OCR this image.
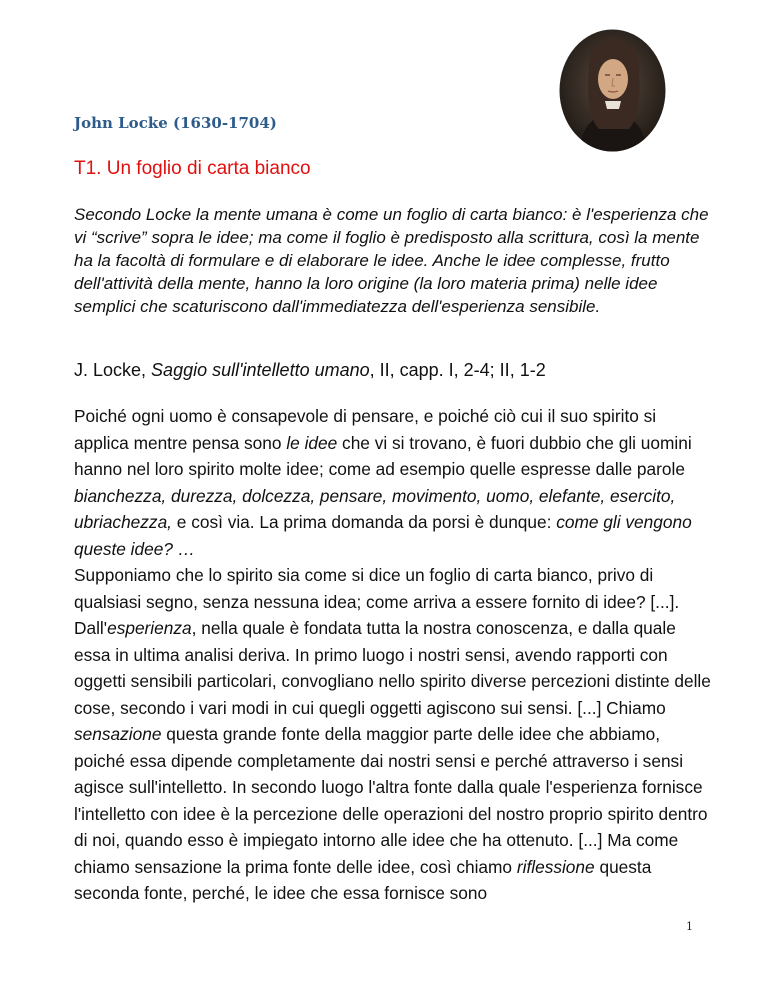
John Locke (1630-1704)
T1. Un foglio di carta bianco

Secondo Locke la mente umana è come un foglio di carta bianco: è l'esperienza che vi “scrive” sopra le idee; ma come il foglio è predisposto alla scrittura, così la mente ha la facoltà di formulare e di elaborare le idee. Anche le idee complesse, frutto dell'attività della mente, hanno la loro origine (la loro materia prima) nelle idee semplici che scaturiscono dall'immediatezza dell'esperienza sensibile.

J. Locke, Saggio sull'intelletto umano, II, capp. I, 2-4; II, 1-2

Poiché ogni uomo è consapevole di pensare, e poiché ciò cui il suo spirito si applica mentre pensa sono le idee che vi si trovano, è fuori dubbio che gli uomini hanno nel loro spirito molte idee; come ad esempio quelle espresse dalle parole bianchezza, durezza, dolcezza, pensare, movimento, uomo, elefante, esercito, ubriachezza, e così via. La prima domanda da porsi è dunque: come gli vengono queste idee? …

Supponiamo che lo spirito sia come si dice un foglio di carta bianco, privo di qualsiasi segno, senza nessuna idea; come arriva a essere fornito di idee? [...]. Dall'esperienza, nella quale è fondata tutta la nostra conoscenza, e dalla quale essa in ultima analisi deriva. In primo luogo i nostri sensi, avendo rapporti con oggetti sensibili particolari, convogliano nello spirito diverse percezioni distinte delle cose, secondo i vari modi in cui quegli oggetti agiscono sui sensi. [...] Chiamo sensazione questa grande fonte della maggior parte delle idee che abbiamo, poiché essa dipende completamente dai nostri sensi e perché attraverso i sensi agisce sull'intelletto. In secondo luogo l'altra fonte dalla quale l'esperienza fornisce l'intelletto con idee è la percezione delle operazioni del nostro proprio spirito dentro di noi, quando esso è impiegato intorno alle idee che ha ottenuto. [...] Ma come chiamo sensazione la prima fonte delle idee, così chiamo riflessione questa seconda fonte, perché, le idee che essa fornisce sono

1
